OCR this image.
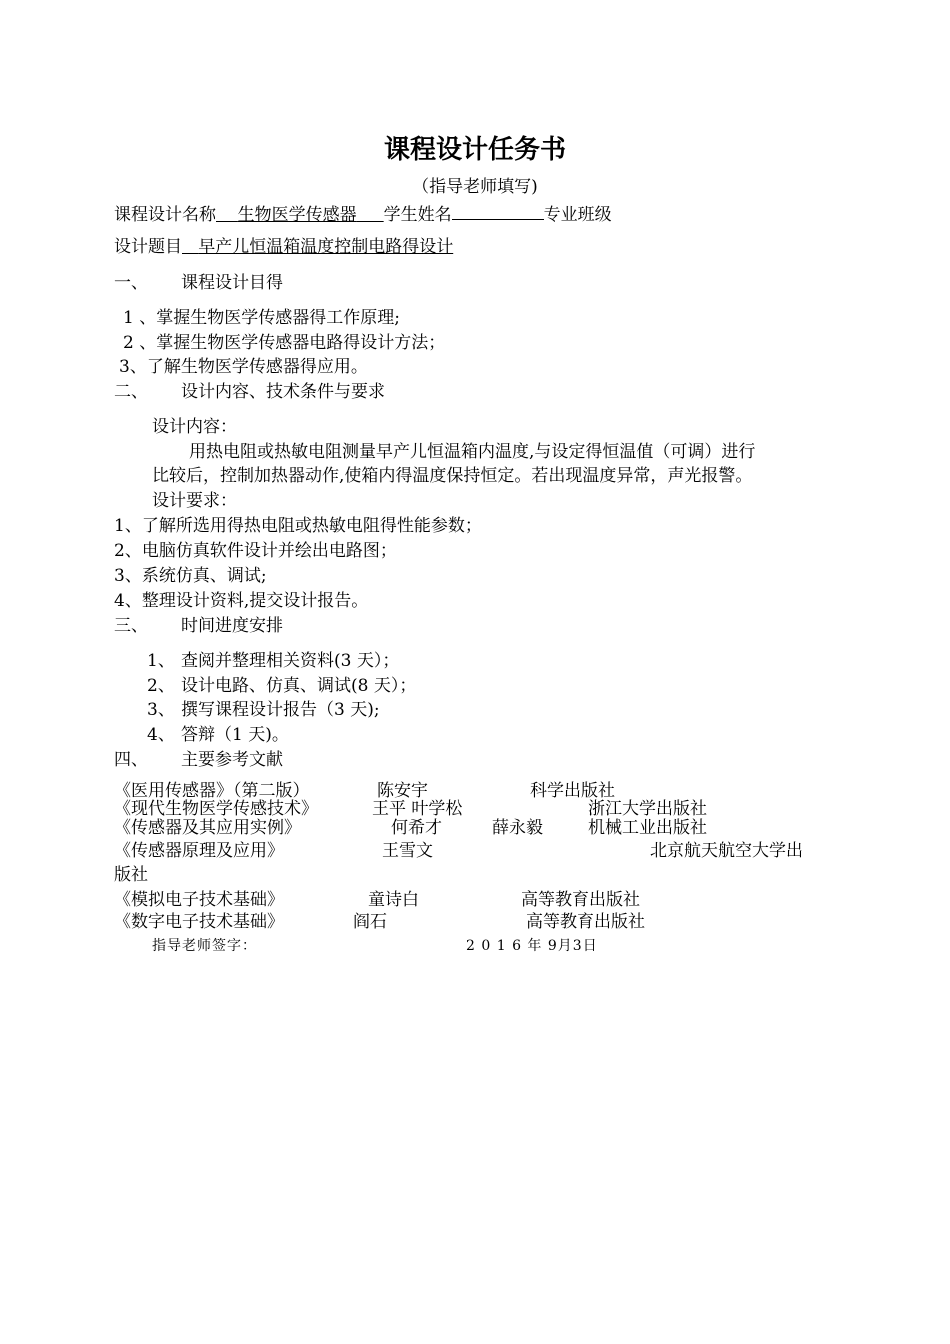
课程设计任务书
（指导老师填写)
课程设计名称 生物医学传感器 学生姓名	专业班级
设计题目 早产儿恒温箱温度控制电路得设计
一、 课程设计目得
1 、掌握生物医学传感器得工作原理;
2 、掌握生物医学传感器电路得设计方法；
3、了解生物医学传感器得应用。
二、 设计内容、技术条件与要求
设计内容：
用热电阻或热敏电阻测量早产儿恒温箱内温度,与设定得恒温值（可调）进行
比较后，控制加热器动作,使箱内得温度保持恒定。若出现温度异常，声光报警。
设计要求：
1、了解所选用得热电阻或热敏电阻得性能参数；
2、电脑仿真软件设计并绘出电路图；
3、系统仿真、调试;
4、整理设计资料,提交设计报告。
三、 时间进度安排
1、 查阅并整理相关资料(3 天）；
2、 设计电路、仿真、调试(8 天）；
3、 撰写课程设计报告（3 天);
4、 答辩（1 天)。
四、 主要参考文献
《医用传感器》（第二版）	陈安宇	科学出版社
《现代生物医学传感技术》	王平 叶学松	浙江大学出版社
《传感器及其应用实例》	何希才	薛永毅	机械工业出版社
《传感器原理及应用》	王雪文	北京航天航空大学出
版社
《模拟电子技术基础》	童诗白	高等教育出版社
《数字电子技术基础》	阎石	高等教育出版社
指导老师签字：	2 0 1 6 年 9月3日
